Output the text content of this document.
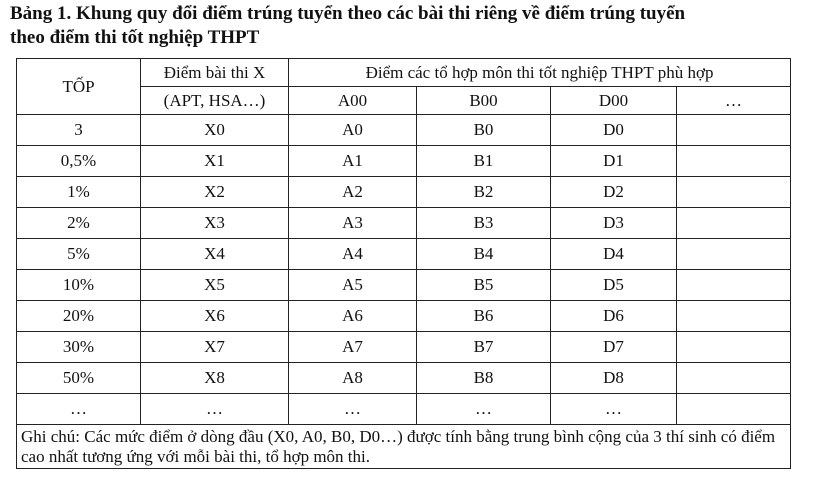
Bảng 1. Khung quy đổi điểm trúng tuyển theo các bài thi riêng về điểm trúng tuyển
theo điểm thi tốt nghiệp THPT
TỐP	Điểm bài thi X	Điểm các tổ hợp môn thi tốt nghiệp THPT phù hợp			
	(APT, HSA…)	A00	B00	D00	…
3	X0	A0	B0	D0	
0,5%	X1	A1	B1	D1	
1%	X2	A2	B2	D2	
2%	X3	A3	B3	D3	
5%	X4	A4	B4	D4	
10%	X5	A5	B5	D5	
20%	X6	A6	B6	D6	
30%	X7	A7	B7	D7	
50%	X8	A8	B8	D8	
…	…	…	…	…	
Ghi chú: Các mức điểm ở dòng đầu (X0, A0, B0, D0…) được tính bằng trung bình cộng của 3 thí sinh có điểm cao nhất tương ứng với mỗi bài thi, tổ hợp môn thi.					
